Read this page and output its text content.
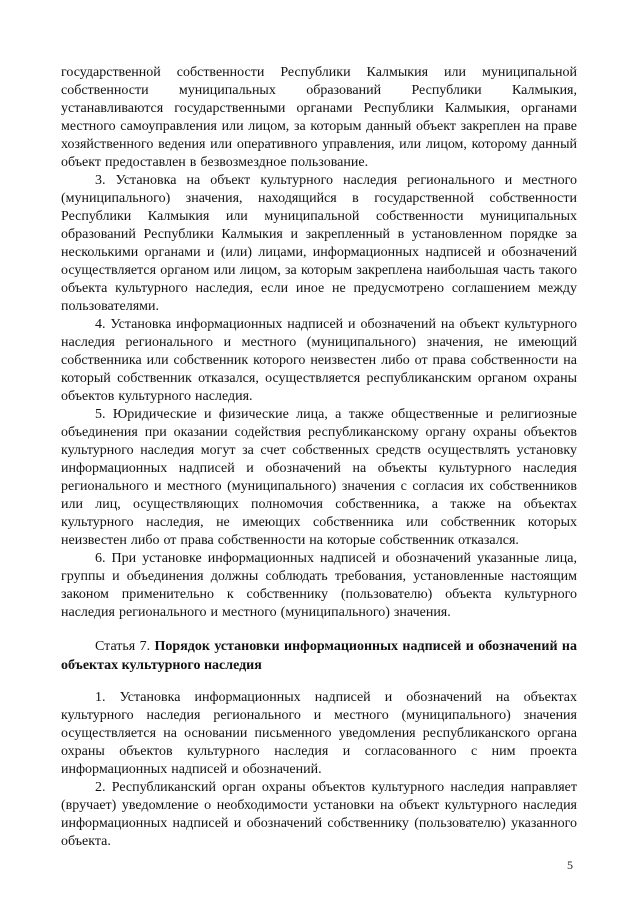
государственной собственности Республики Калмыкия или муниципальной собственности муниципальных образований Республики Калмыкия, устанавливаются государственными органами Республики Калмыкия, органами местного самоуправления или лицом, за которым данный объект закреплен на праве хозяйственного ведения или оперативного управления, или лицом, которому данный объект предоставлен в безвозмездное пользование.

3. Установка на объект культурного наследия регионального и местного (муниципального) значения, находящийся в государственной собственности Республики Калмыкия или муниципальной собственности муниципальных образований Республики Калмыкия и закрепленный в установленном порядке за несколькими органами и (или) лицами, информационных надписей и обозначений осуществляется органом или лицом, за которым закреплена наибольшая часть такого объекта культурного наследия, если иное не предусмотрено соглашением между пользователями.

4. Установка информационных надписей и обозначений на объект культурного наследия регионального и местного (муниципального) значения, не имеющий собственника или собственник которого неизвестен либо от права собственности на который собственник отказался, осуществляется республиканским органом охраны объектов культурного наследия.

5. Юридические и физические лица, а также общественные и религиозные объединения при оказании содействия республиканскому органу охраны объектов культурного наследия могут за счет собственных средств осуществлять установку информационных надписей и обозначений на объекты культурного наследия регионального и местного (муниципального) значения с согласия их собственников или лиц, осуществляющих полномочия собственника, а также на объектах культурного наследия, не имеющих собственника или собственник которых неизвестен либо от права собственности на которые собственник отказался.

6. При установке информационных надписей и обозначений указанные лица, группы и объединения должны соблюдать требования, установленные настоящим законом применительно к собственнику (пользователю) объекта культурного наследия регионального и местного (муниципального) значения.

Статья 7. Порядок установки информационных надписей и обозначений на объектах культурного наследия

1. Установка информационных надписей и обозначений на объектах культурного наследия регионального и местного (муниципального) значения осуществляется на основании письменного уведомления республиканского органа охраны объектов культурного наследия и согласованного с ним проекта информационных надписей и обозначений.

2. Республиканский орган охраны объектов культурного наследия направляет (вручает) уведомление о необходимости установки на объект культурного наследия информационных надписей и обозначений собственнику (пользователю) указанного объекта.

5
